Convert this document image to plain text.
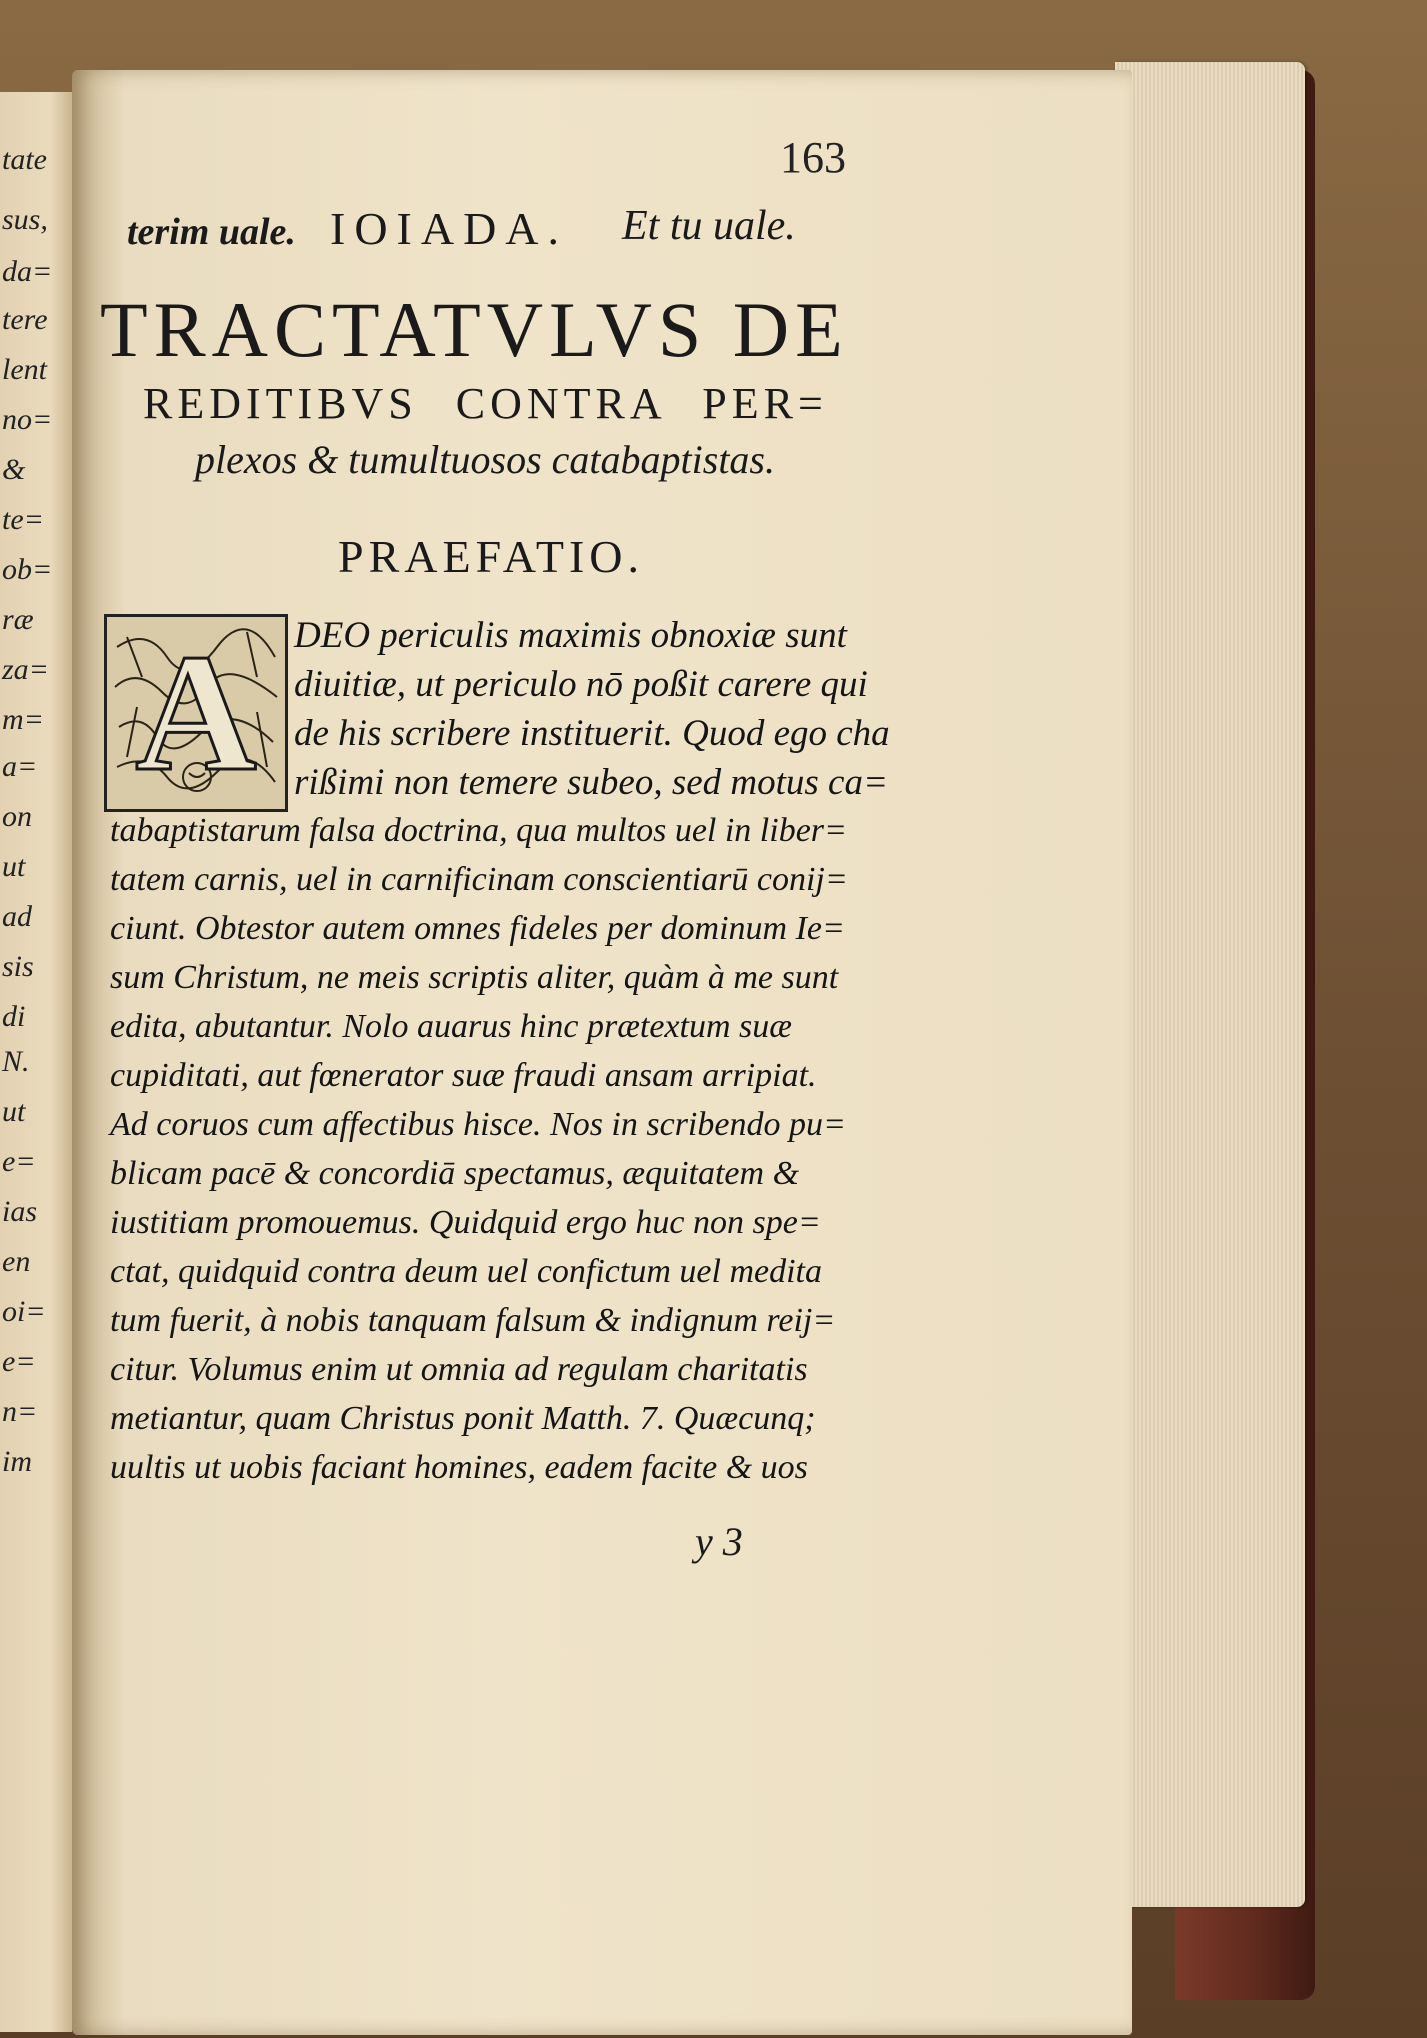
tate
sus,
da=
tere
lent
no=
&
te=
ob=
ræ
za=
m=
a=
on
ut
ad
sis
di
N.
ut
e=
ias
en
oi=
e=
n=
im
163
terim uale. IOIADA. Et tu uale.
TRACTATVLVS DE
REDITIBVS CONTRA PER=
plexos & tumultuosos catabaptistas.
PRAEFATIO.
A DEO periculis maximis obnoxiæ sunt
diuitiæ, ut periculo nō poßit carere qui
de his scribere instituerit. Quod ego cha
rißimi non temere subeo, sed motus ca=
tabaptistarum falsa doctrina, qua multos uel in liber=
tatem carnis, uel in carnificinam conscientiarū conij=
ciunt. Obtestor autem omnes fideles per dominum Ie=
sum Christum, ne meis scriptis aliter, quàm à me sunt
edita, abutantur. Nolo auarus hinc prætextum suæ
cupiditati, aut fœnerator suæ fraudi ansam arripiat.
Ad coruos cum affectibus hisce. Nos in scribendo pu=
blicam pacē & concordiā spectamus, æquitatem &
iustitiam promouemus. Quidquid ergo huc non spe=
ctat, quidquid contra deum uel confictum uel medita
tum fuerit, à nobis tanquam falsum & indignum reij=
citur. Volumus enim ut omnia ad regulam charitatis
metiantur, quam Christus ponit Matth. 7. Quæcunq;
uultis ut uobis faciant homines, eadem facite & uos
y 3
